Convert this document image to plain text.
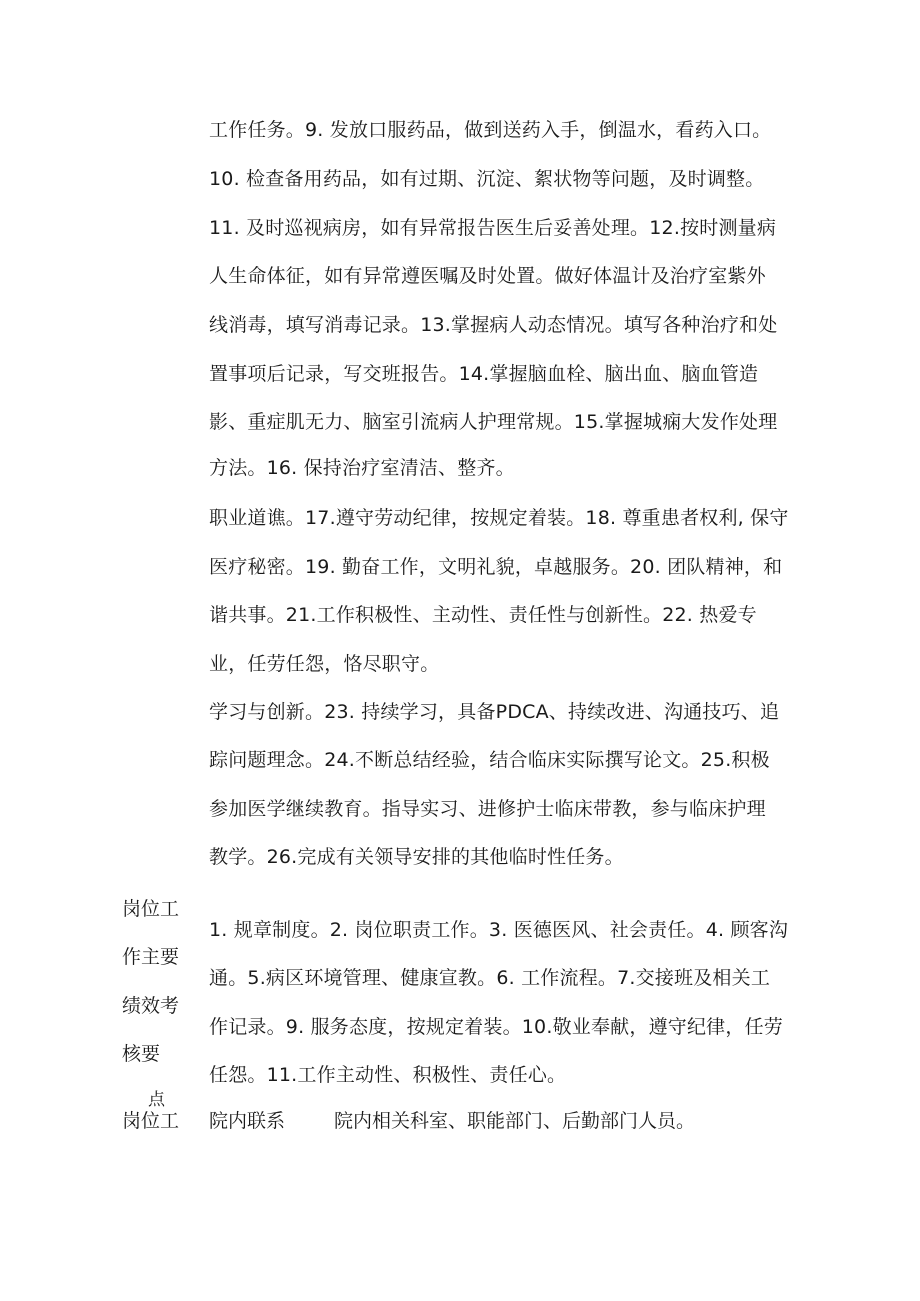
工作任务。9. 发放口服药品，做到送药入手，倒温水，看药入口。

10. 检查备用药品，如有过期、沉淀、絮状物等问题，及时调整。

11. 及时巡视病房，如有异常报告医生后妥善处理。12.按时测量病

人生命体征，如有异常遵医嘱及时处置。做好体温计及治疗室紫外

线消毒，填写消毒记录。13.掌握病人动态情况。填写各种治疗和处

置事项后记录，写交班报告。14.掌握脑血栓、脑出血、脑血管造

影、重症肌无力、脑室引流病人护理常规。15.掌握城痫大发作处理

方法。16. 保持治疗室清洁、整齐。

职业道谯。17.遵守劳动纪律，按规定着装。18. 尊重患者权利, 保守

医疗秘密。19. 勤奋工作，文明礼貌，卓越服务。20. 团队精神，和

谐共事。21.工作积极性、主动性、责任性与创新性。22. 热爱专

业，任劳任怨，恪尽职守。

学习与创新。23. 持续学习，具备PDCA、持续改进、沟通技巧、追

踪问题理念。24.不断总结经验，结合临床实际撰写论文。25.积极

参加医学继续教育。指导实习、进修护士临床带教，参与临床护理

教学。26.完成有关领导安排的其他临时性任务。

岗位工

作主要

绩效考

核要

点

1. 规章制度。2. 岗位职责工作。3. 医德医风、社会责任。4. 顾客沟

通。5.病区环境管理、健康宣教。6. 工作流程。7.交接班及相关工

作记录。9. 服务态度，按规定着装。10.敬业奉献，遵守纪律，任劳

任怨。11.工作主动性、积极性、责任心。

岗位工 院内联系	院内相关科室、职能部门、后勤部门人员。
